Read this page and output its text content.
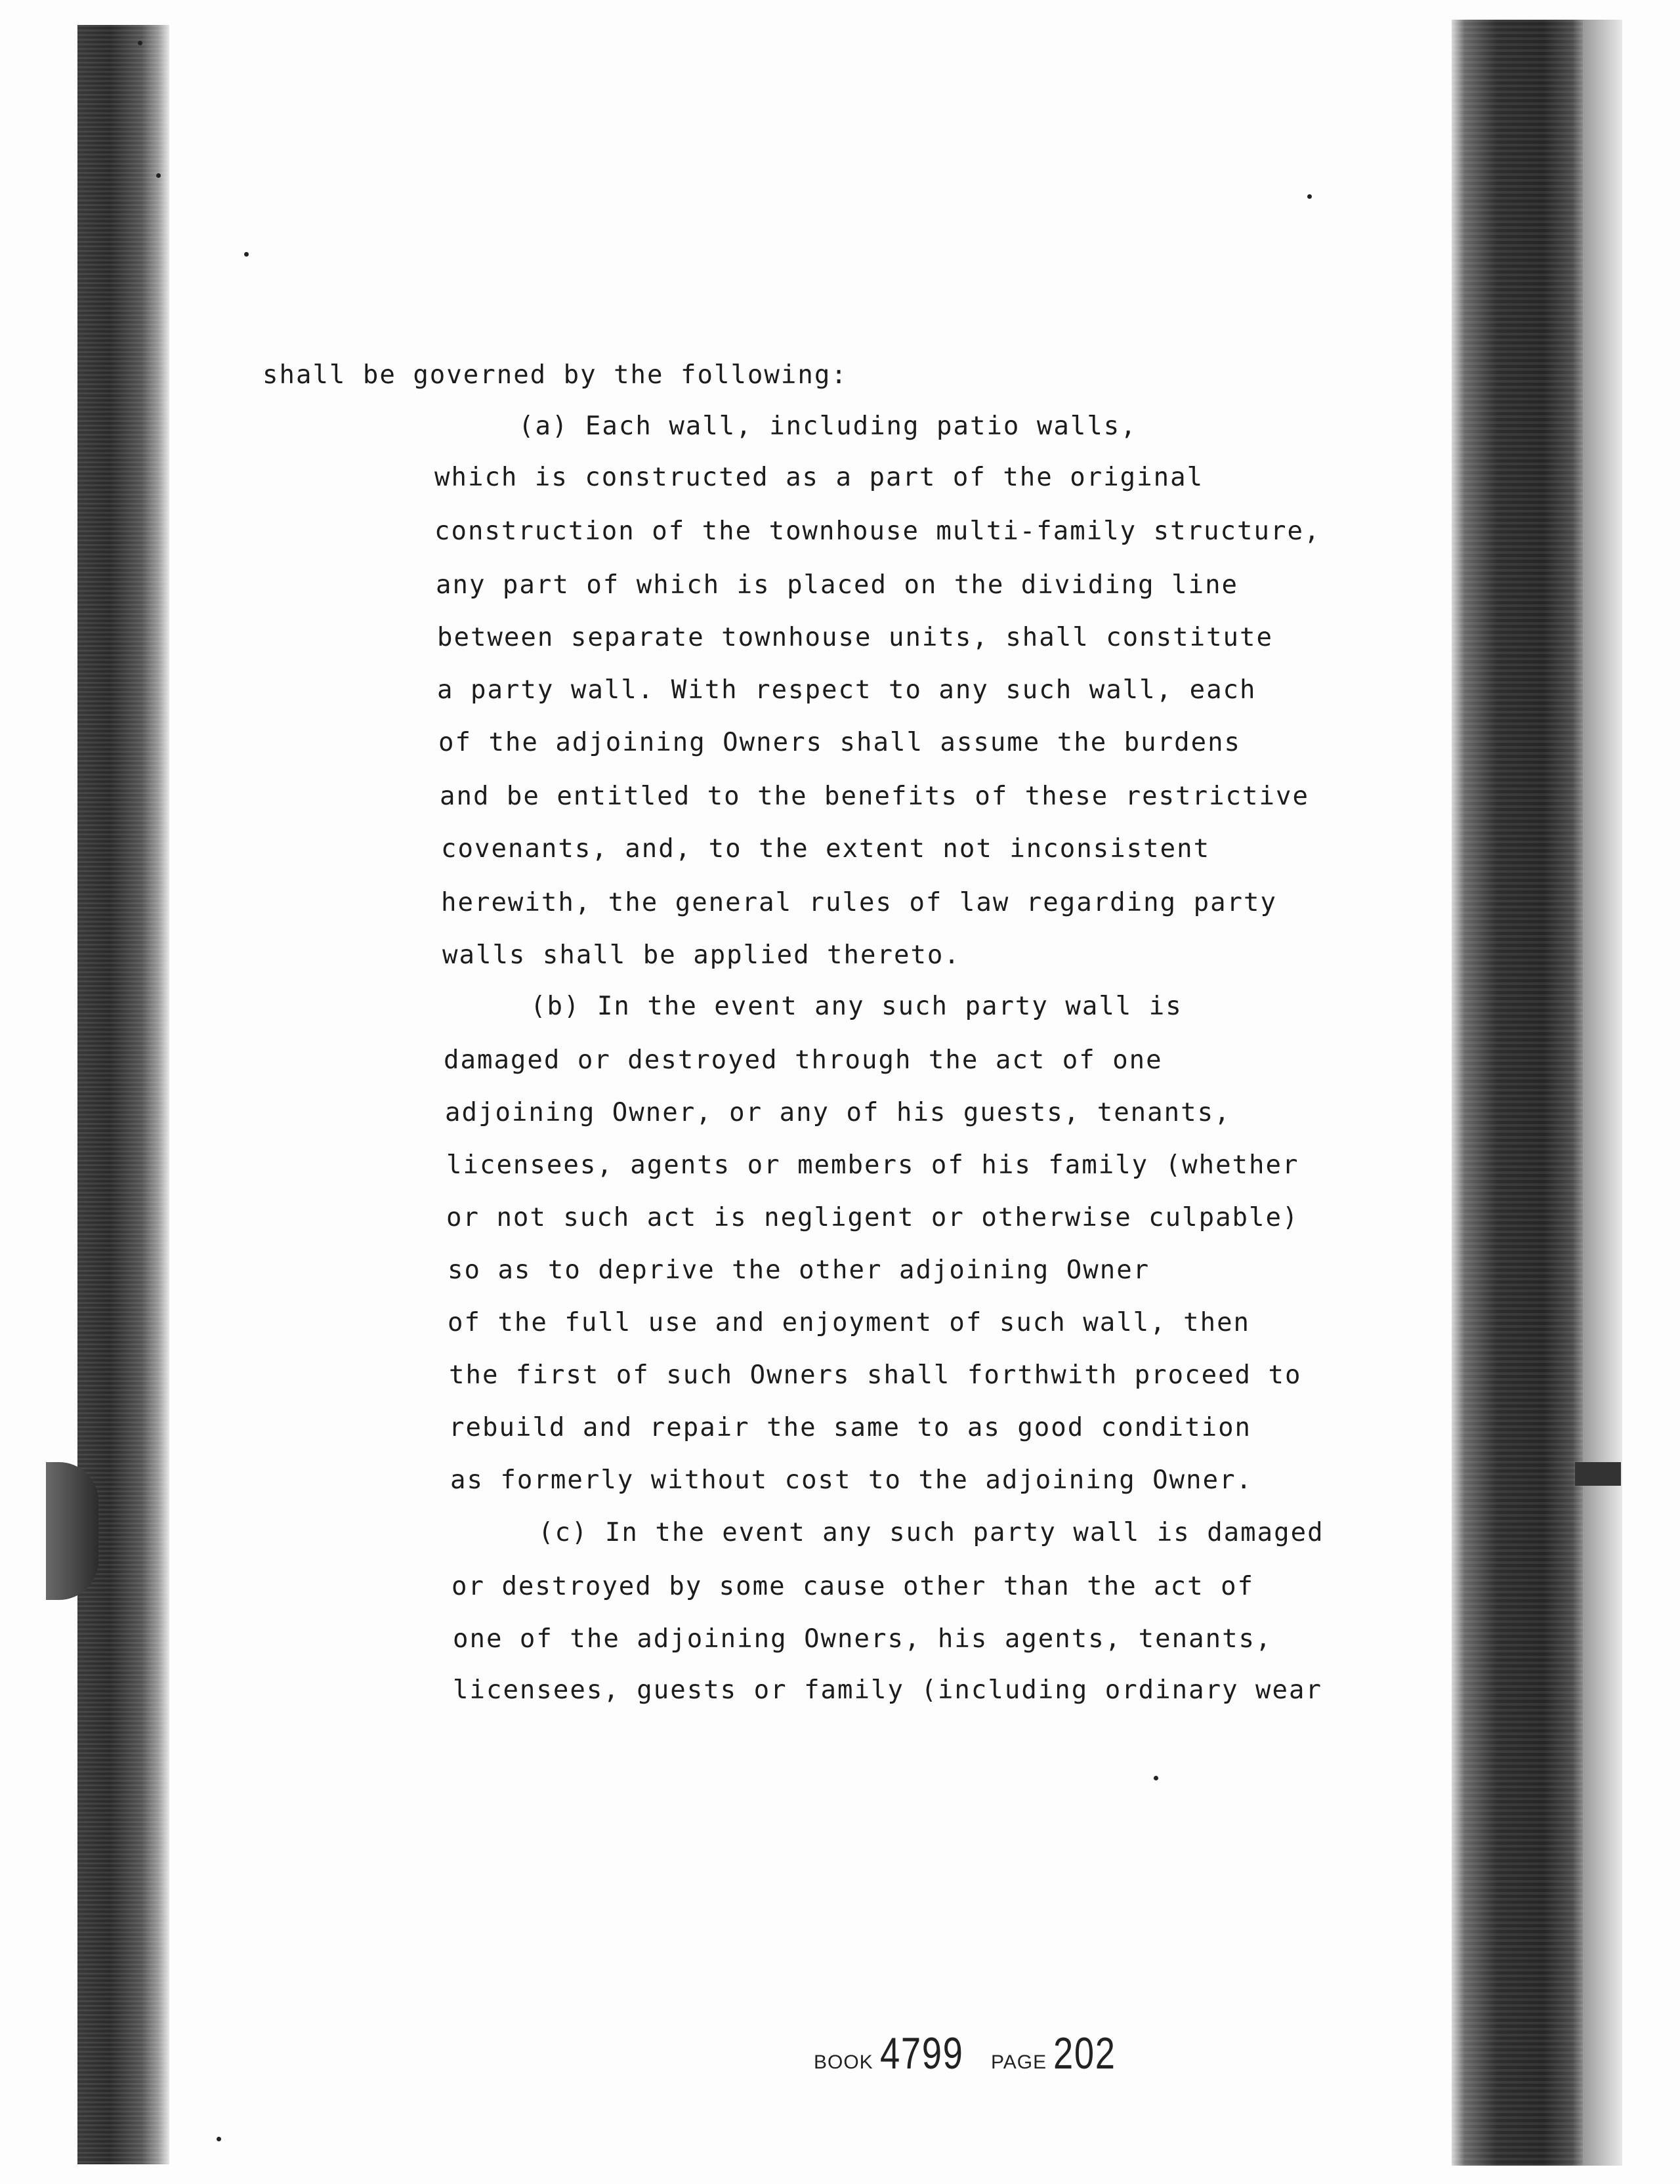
shall be governed by the following:
(a) Each wall, including patio walls,
which is constructed as a part of the original
construction of the townhouse multi-family structure,
any part of which is placed on the dividing line
between separate townhouse units, shall constitute
a party wall. With respect to any such wall, each
of the adjoining Owners shall assume the burdens
and be entitled to the benefits of these restrictive
covenants, and, to the extent not inconsistent
herewith, the general rules of law regarding party
walls shall be applied thereto.
(b) In the event any such party wall is
damaged or destroyed through the act of one
adjoining Owner, or any of his guests, tenants,
licensees, agents or members of his family (whether
or not such act is negligent or otherwise culpable)
so as to deprive the other adjoining Owner
of the full use and enjoyment of such wall, then
the first of such Owners shall forthwith proceed to
rebuild and repair the same to as good condition
as formerly without cost to the adjoining Owner.
(c) In the event any such party wall is damaged
or destroyed by some cause other than the act of
one of the adjoining Owners, his agents, tenants,
licensees, guests or family (including ordinary wear
BOOK 4799 PAGE 202
